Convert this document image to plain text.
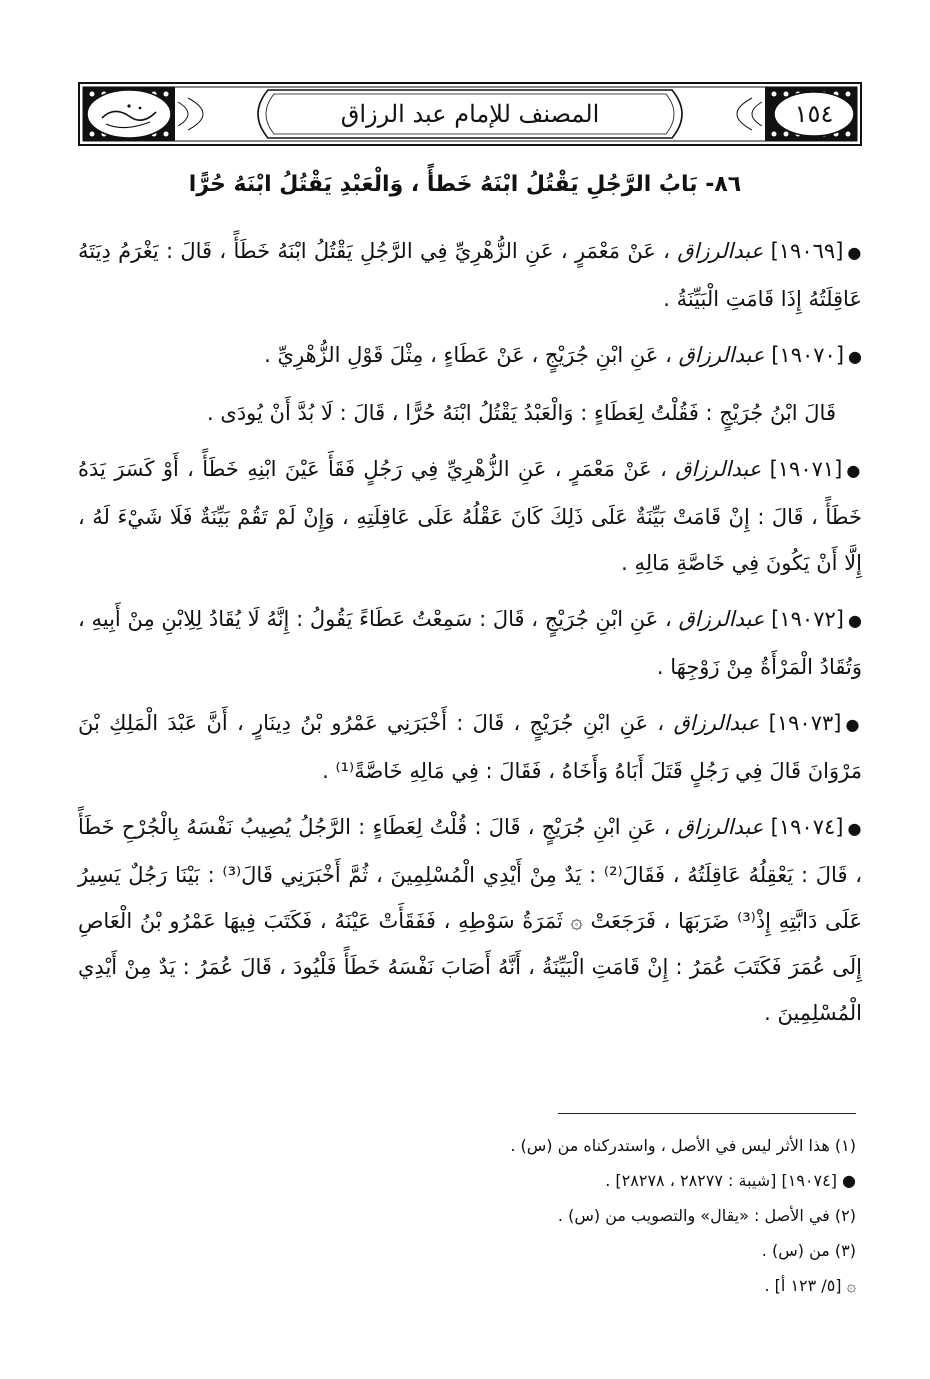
المصنف للإمام عبد الرزاق	١٥٤
٨٦- بَابُ الرَّجُلِ يَقْتُلُ ابْنَهُ خَطأً ، وَالْعَبْدِ يَقْتُلُ ابْنَهُ حُرًّا

●[١٩٠٦٩] عبدالرزاق ، عَنْ مَعْمَرٍ ، عَنِ الزُّهْرِيِّ فِي الرَّجُلِ يَقْتُلُ ابْنَهُ خَطَأً ، قَالَ : يَغْرَمُ دِيَتَهُ عَاقِلَتُهُ إِذَا قَامَتِ الْبَيِّنَةُ .

●[١٩٠٧٠] عبدالرزاق ، عَنِ ابْنِ جُرَيْجٍ ، عَنْ عَطَاءٍ ، مِثْلَ قَوْلِ الزُّهْرِيِّ .

قَالَ ابْنُ جُرَيْجٍ : فَقُلْتُ لِعَطَاءٍ : وَالْعَبْدُ يَقْتُلُ ابْنَهُ حُرًّا ، قَالَ : لَا بُدَّ أَنْ يُودَى .

●[١٩٠٧١] عبدالرزاق ، عَنْ مَعْمَرٍ ، عَنِ الزُّهْرِيِّ فِي رَجُلٍ فَقَأَ عَيْنَ ابْنِهِ خَطَأً ، أَوْ كَسَرَ يَدَهُ خَطَأً ، قَالَ : إِنْ قَامَتْ بَيِّنَةٌ عَلَى ذَلِكَ كَانَ عَقْلُهُ عَلَى عَاقِلَتِهِ ، وَإِنْ لَمْ تَقُمْ بَيِّنَةٌ فَلَا شَيْءَ لَهُ ، إِلَّا أَنْ يَكُونَ فِي خَاصَّةِ مَالِهِ .

●[١٩٠٧٢] عبدالرزاق ، عَنِ ابْنِ جُرَيْجٍ ، قَالَ : سَمِعْتُ عَطَاءً يَقُولُ : إِنَّهُ لَا يُقَادُ لِلِابْنِ مِنْ أَبِيهِ ، وَتُقَادُ الْمَرْأَةُ مِنْ زَوْجِهَا .

●[١٩٠٧٣] عبدالرزاق ، عَنِ ابْنِ جُرَيْجٍ ، قَالَ : أَخْبَرَنِي عَمْرُو بْنُ دِينَارٍ ، أَنَّ عَبْدَ الْمَلِكِ بْنَ مَرْوَانَ قَالَ فِي رَجُلٍ قَتَلَ أَبَاهُ وَأَخَاهُ ، فَقَالَ : فِي مَالِهِ خَاصَّةً⁽¹⁾ .

●[١٩٠٧٤] عبدالرزاق ، عَنِ ابْنِ جُرَيْجٍ ، قَالَ : قُلْتُ لِعَطَاءٍ : الرَّجُلُ يُصِيبُ نَفْسَهُ بِالْجُرْحِ خَطَأً ، قَالَ : يَعْقِلُهُ عَاقِلَتُهُ ، فَقَالَ⁽²⁾ : يَدٌ مِنْ أَيْدِي الْمُسْلِمِينَ ، ثُمَّ أَخْبَرَنِي قَالَ⁽³⁾ : بَيْنَا رَجُلٌ يَسِيرُ عَلَى دَابَّتِهِ إِذْ⁽³⁾ ضَرَبَهَا ، فَرَجَعَتْ ۞ ثَمَرَةُ سَوْطِهِ ، فَفَقَأَتْ عَيْنَهُ ، فَكَتَبَ فِيهَا عَمْرُو بْنُ الْعَاصِ إِلَى عُمَرَ فَكَتَبَ عُمَرُ : إِنْ قَامَتِ الْبَيِّنَةُ ، أَنَّهُ أَصَابَ نَفْسَهُ خَطَأً فَلْيُودَ ، قَالَ عُمَرُ : يَدٌ مِنْ أَيْدِي الْمُسْلِمِينَ .

(١) هذا الأثر ليس في الأصل ، واستدركناه من (س) .

● [١٩٠٧٤] [شيبة : ٢٨٢٧٧ ، ٢٨٢٧٨] .

(٢) في الأصل : «يقال» والتصويب من (س) .

(٣) من (س) .

۞ [٥/ ١٢٣ أ] .
